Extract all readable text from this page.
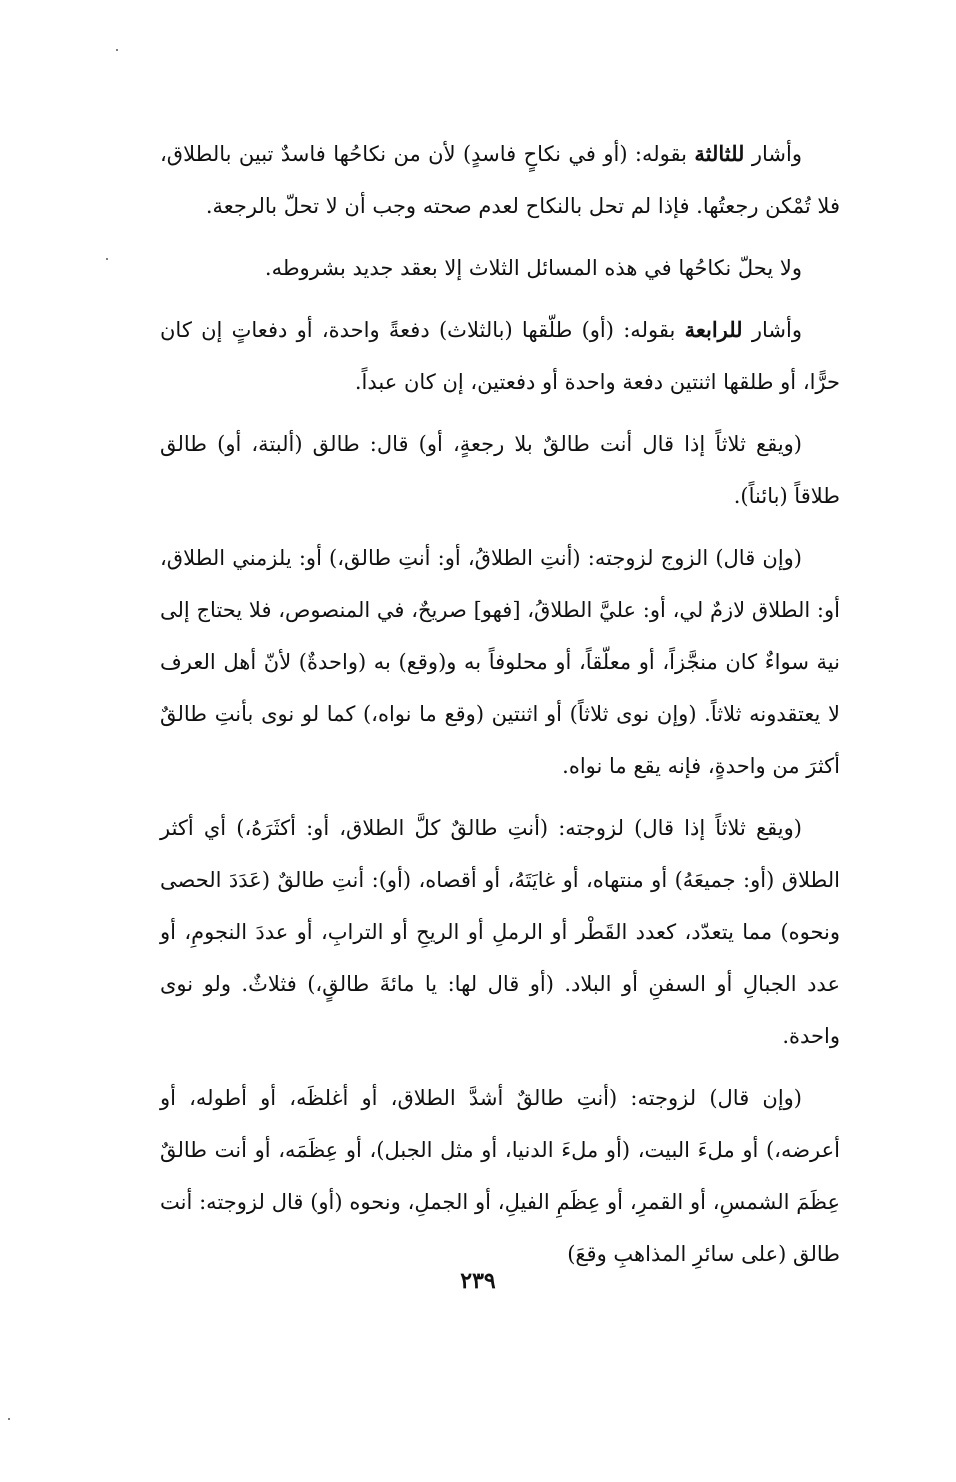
وأشار للثالثة بقوله: (أو في نكاحٍ فاسدٍ) لأن من نكاحُها فاسدٌ تبين بالطلاق، فلا تُمْكن رجعتُها. فإذا لم تحل بالنكاح لعدم صحته وجب أن لا تحلّ بالرجعة.

ولا يحلّ نكاحُها في هذه المسائل الثلاث إلا بعقد جديد بشروطه.

وأشار للرابعة بقوله: (أو) طلّقها (بالثلاث) دفعةً واحدة، أو دفعاتٍ إن كان حرًّا، أو طلقها اثنتين دفعة واحدة أو دفعتين، إن كان عبداً.

(ويقع ثلاثاً إذا قال أنت طالقٌ بلا رجعةٍ، أو) قال: طالق (ألبتة، أو) طالق طلاقاً (بائناً).

(وإن قال) الزوج لزوجته: (أنتِ الطلاقُ، أو: أنتِ طالق،) أو: يلزمني الطلاق، أو: الطلاق لازمٌ لي، أو: عليَّ الطلاقُ، [فهو] صريحٌ، في المنصوص، فلا يحتاج إلى نية سواءٌ كان منجَّزاً، أو معلّقاً، أو محلوفاً به و(وقع) به (واحدةٌ) لأنّ أهل العرف لا يعتقدونه ثلاثاً. (وإن نوى ثلاثاً) أو اثنتين (وقع ما نواه،) كما لو نوى بأنتِ طالقٌ أكثرَ من واحدةٍ، فإنه يقع ما نواه.

(ويقع ثلاثاً إذا قال) لزوجته: (أنتِ طالقٌ كلَّ الطلاق، أو: أكثَرَهُ،) أي أكثر الطلاق (أو: جميعَهُ) أو منتهاه، أو غايَتَهُ، أو أقصاه، (أو): أنتِ طالقٌ (عَدَدَ الحصى ونحوه) مما يتعدّد، كعدد القَطْر أو الرملِ أو الريحِ أو الترابِ، أو عددَ النجومِ، أو عدد الجبالِ أو السفنِ أو البلاد. (أو قال لها: يا مائةَ طالقٍ،) فثلاثٌ. ولو نوى واحدة.

(وإن قال) لزوجته: (أنتِ طالقٌ أشدَّ الطلاق، أو أغلظَه، أو أطوله، أو أعرضه،) أو ملءَ البيت، (أو ملءَ الدنيا، أو مثل الجبل)، أو عِظَمَه، أو أنت طالقٌ عِظَمَ الشمسِ، أو القمرِ، أو عِظَمِ الفيلِ، أو الجملِ، ونحوه (أو) قال لزوجته: أنت طالق (على سائرِ المذاهبِ وقعَ)

٢٣٩
